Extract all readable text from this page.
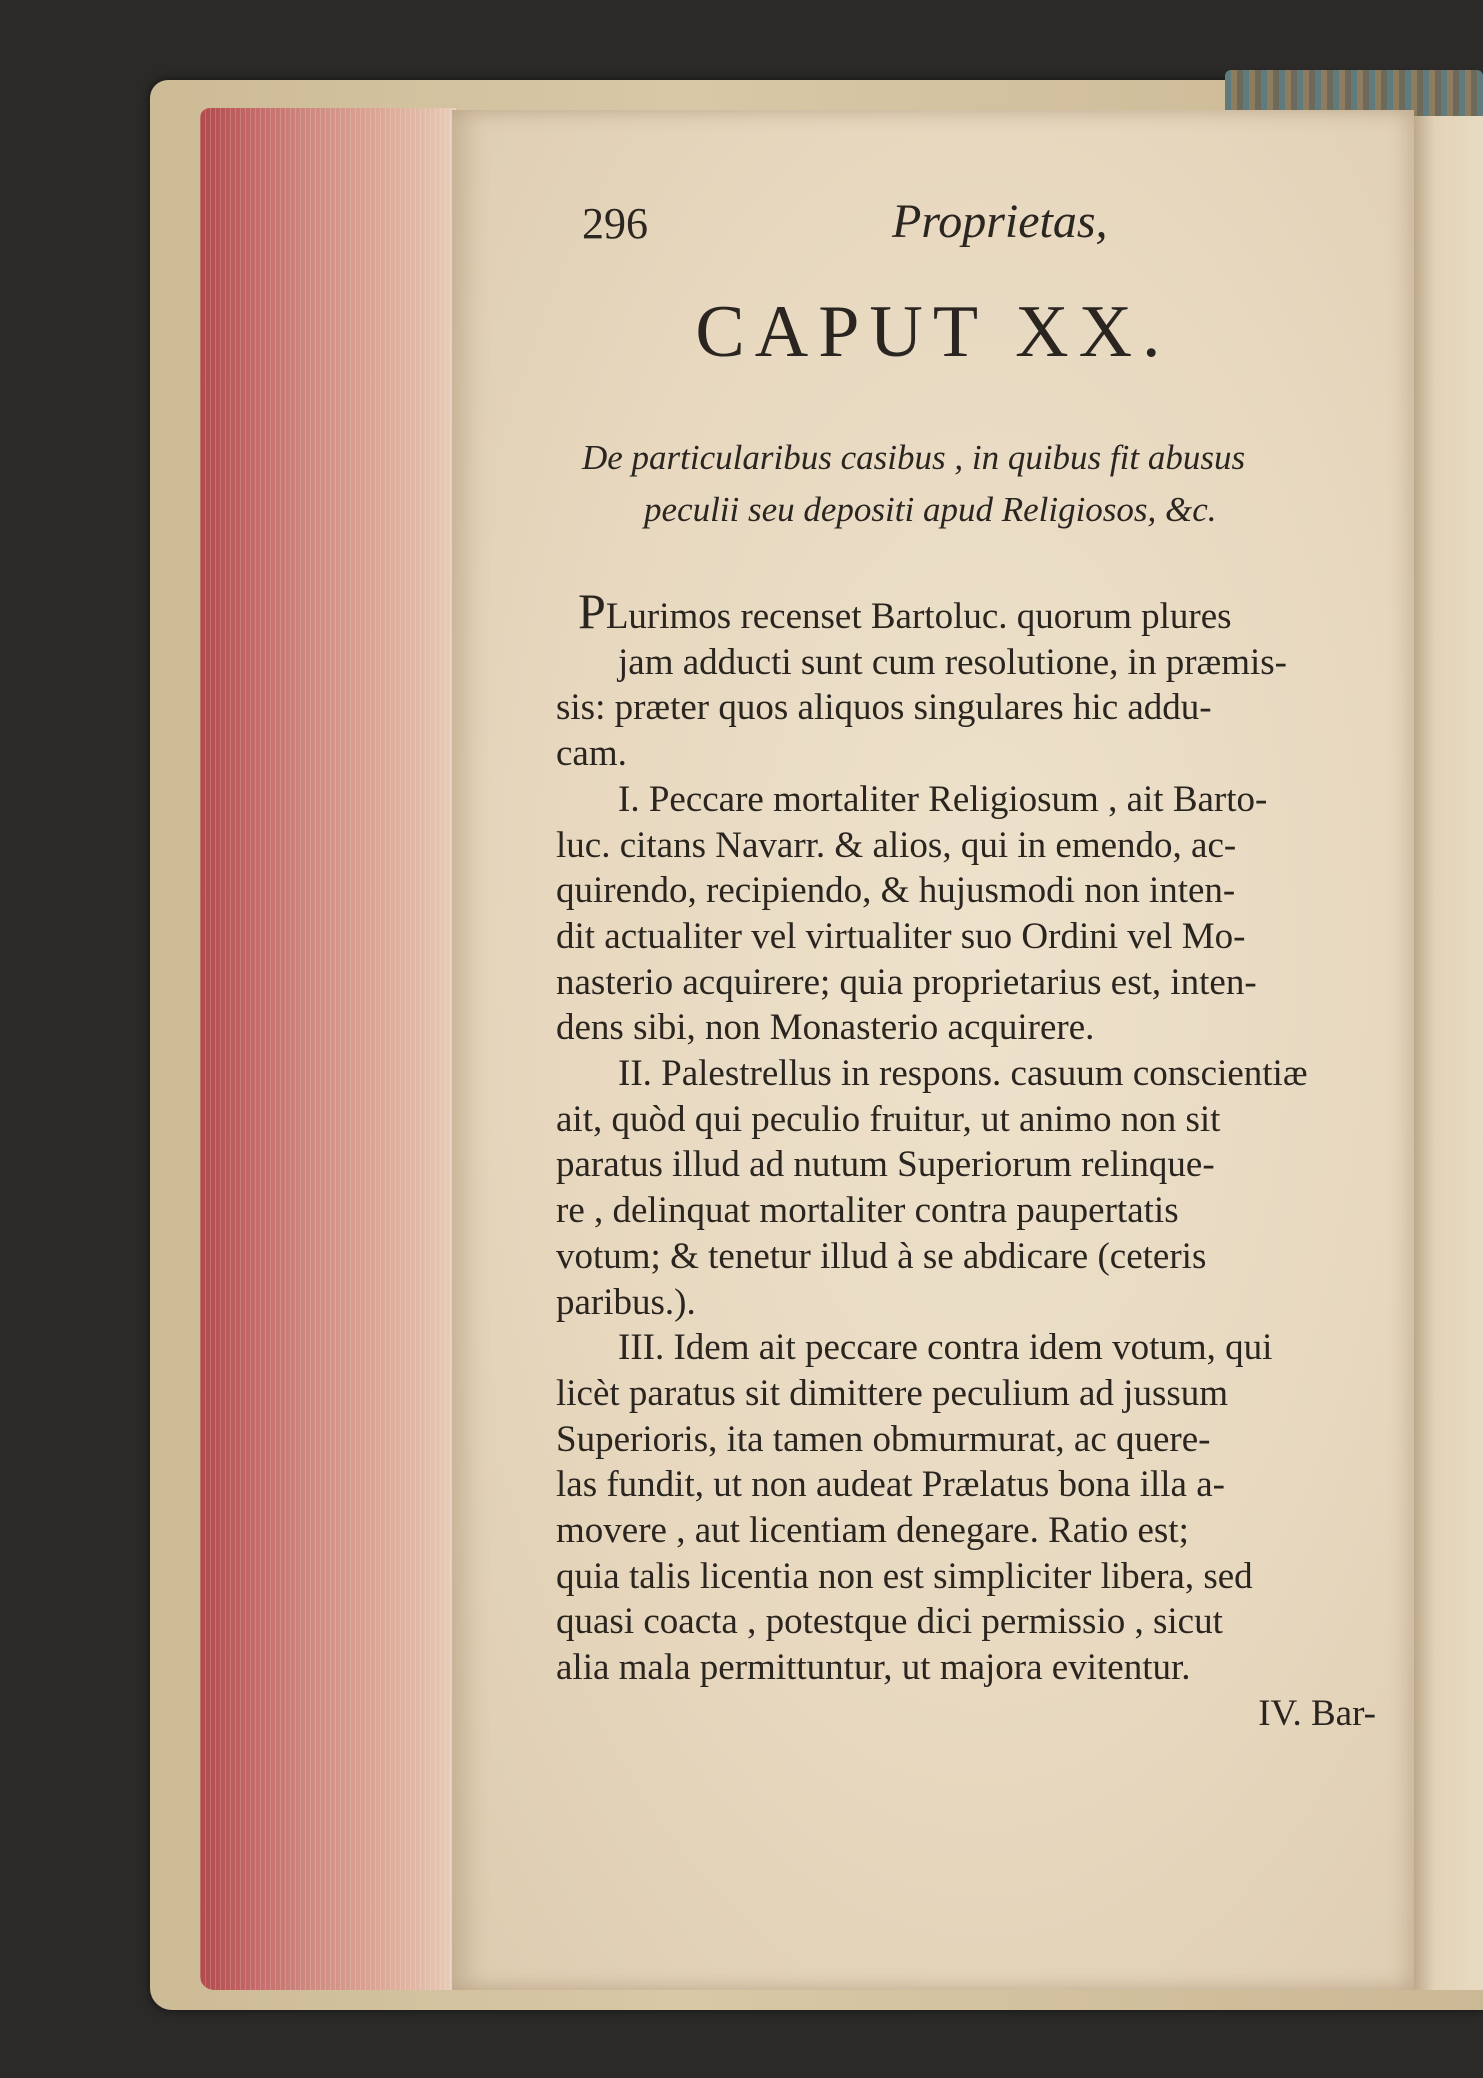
296	Proprietas,
CAPUT XX.
De particularibus casibus , in quibus fit abusus
peculii seu depositi apud Religiosos, &c.
PLurimos recenset Bartoluc. quorum plures
jam adducti sunt cum resolutione, in præmis-
sis: præter quos aliquos singulares hic addu-
cam.
I. Peccare mortaliter Religiosum , ait Barto-
luc. citans Navarr. & alios, qui in emendo, ac-
quirendo, recipiendo, & hujusmodi non inten-
dit actualiter vel virtualiter suo Ordini vel Mo-
nasterio acquirere; quia proprietarius est, inten-
dens sibi, non Monasterio acquirere.
II. Palestrellus in respons. casuum conscientiæ
ait, quòd qui peculio fruitur, ut animo non sit
paratus illud ad nutum Superiorum relinque-
re , delinquat mortaliter contra paupertatis
votum; & tenetur illud à se abdicare (ceteris
paribus.).
III. Idem ait peccare contra idem votum, qui
licèt paratus sit dimittere peculium ad jussum
Superioris, ita tamen obmurmurat, ac quere-
las fundit, ut non audeat Prælatus bona illa a-
movere , aut licentiam denegare. Ratio est;
quia talis licentia non est simpliciter libera, sed
quasi coacta , potestque dici permissio , sicut
alia mala permittuntur, ut majora evitentur.
IV. Bar-
